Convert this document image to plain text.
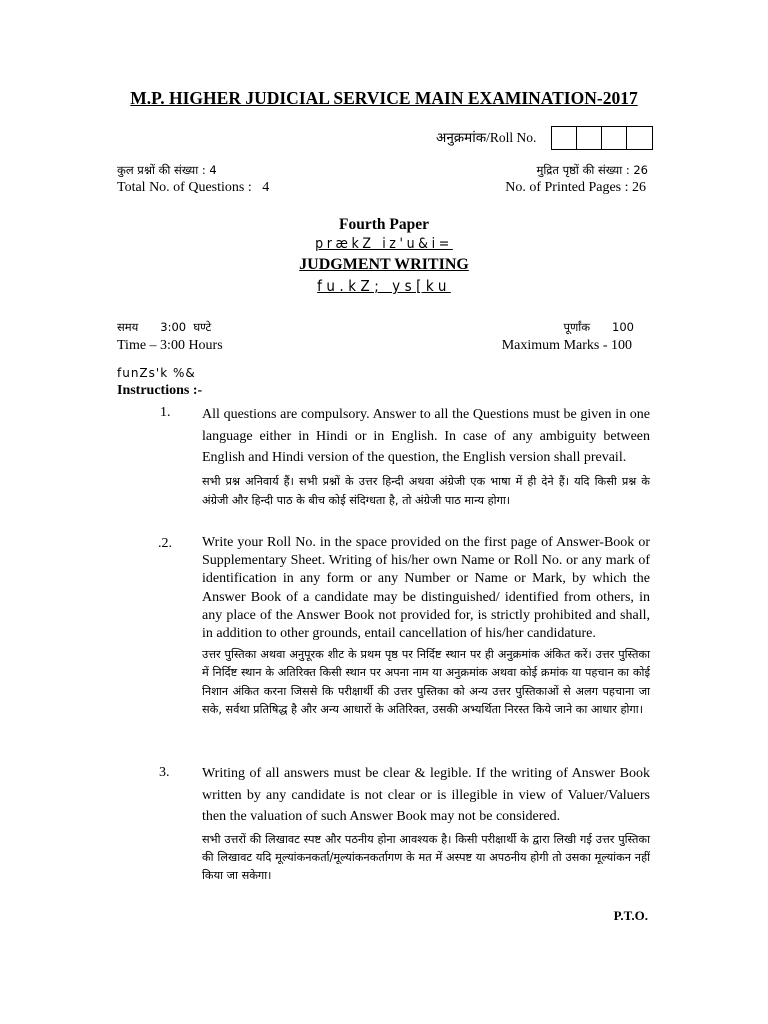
M.P. HIGHER JUDICIAL SERVICE MAIN EXAMINATION-2017
अनुक्रमांक/Roll No.
कुल प्रश्नों की संख्या : 4
Total No. of Questions :   4
मुद्रित पृष्ठों की संख्या : 26
No. of Printed Pages : 26
Fourth Paper
prækZ iz'u&i=
JUDGMENT WRITING
fu.kZ; ys[ku
समय      3:00  घण्टे
Time – 3:00 Hours
पूर्णांक      100
Maximum Marks - 100
funZs'k %&
Instructions :-
1. All questions are compulsory. Answer to all the Questions must be given in one language either in Hindi or in English. In case of any ambiguity between English and Hindi version of the question, the English version shall prevail.
सभी प्रश्न अनिवार्य हैं। सभी प्रश्नों के उत्तर हिन्दी अथवा अंग्रेजी एक भाषा में ही देने हैं। यदि किसी प्रश्न के अंग्रेजी और हिन्दी पाठ के बीच कोई संदिग्धता है, तो अंग्रेजी पाठ मान्य होगा।
.2. Write your Roll No. in the space provided on the first page of Answer-Book or Supplementary Sheet. Writing of his/her own Name or Roll No. or any mark of identification in any form or any Number or Name or Mark, by which the Answer Book of a candidate may be distinguished/ identified from others, in any place of the Answer Book not provided for, is strictly prohibited and shall, in addition to other grounds, entail cancellation of his/her candidature.
उत्तर पुस्तिका अथवा अनुपूरक शीट के प्रथम पृष्ठ पर निर्दिष्ट स्थान पर ही अनुक्रमांक अंकित करें। उत्तर पुस्तिका में निर्दिष्ट स्थान के अतिरिक्त किसी स्थान पर अपना नाम या अनुक्रमांक अथवा कोई क्रमांक या पहचान का कोई निशान अंकित करना जिससे कि परीक्षार्थी की उत्तर पुस्तिका को अन्य उत्तर पुस्तिकाओं से अलग पहचाना जा सके, सर्वथा प्रतिषिद्ध है और अन्य आधारों के अतिरिक्त, उसकी अभ्यर्थिता निरस्त किये जाने का आधार होगा।
3. Writing of all answers must be clear & legible. If the writing of Answer Book written by any candidate is not clear or is illegible in view of Valuer/Valuers then the valuation of such Answer Book may not be considered.
सभी उत्तरों की लिखावट स्पष्ट और पठनीय होना आवश्यक है। किसी परीक्षार्थी के द्वारा लिखी गई उत्तर पुस्तिका की लिखावट यदि मूल्यांकनकर्ता/मूल्यांकनकर्तागण के मत में अस्पष्ट या अपठनीय होगी तो उसका मूल्यांकन नहीं किया जा सकेगा।
P.T.O.
